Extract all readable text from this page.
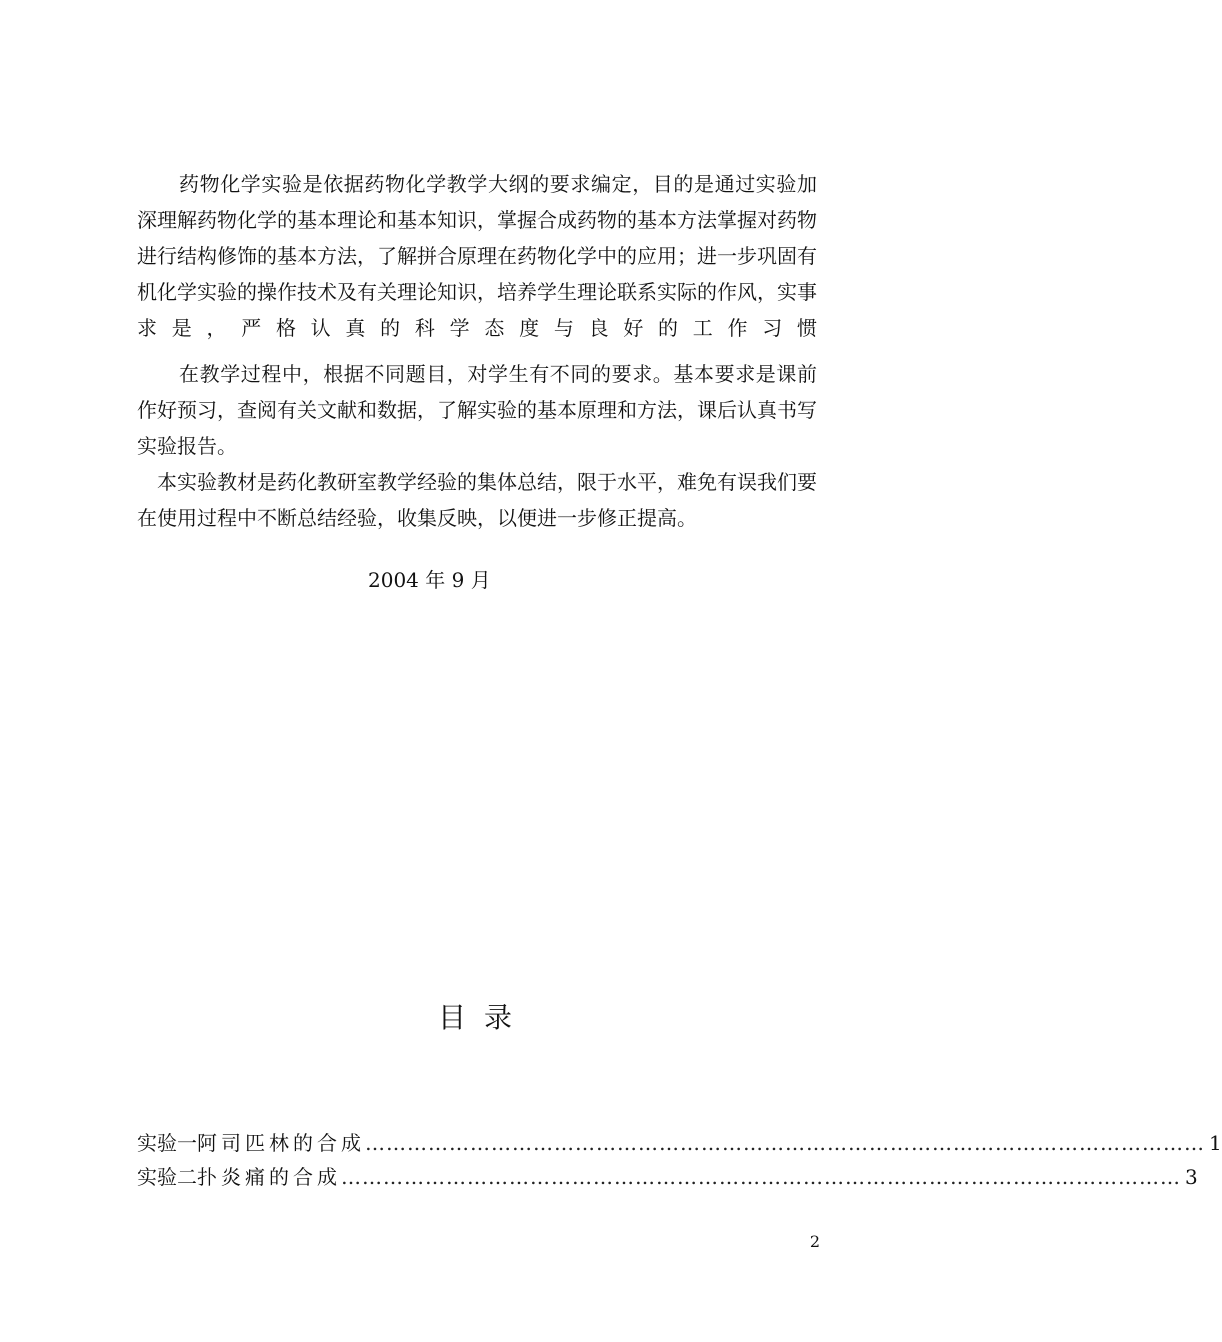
药物化学实验是依据药物化学教学大纲的要求编定，目的是通过实验加深理解药物化学的基本理论和基本知识，掌握合成药物的基本方法掌握对药物进行结构修饰的基本方法，了解拼合原理在药物化学中的应用；进一步巩固有机化学实验的操作技术及有关理论知识，培养学生理论联系实际的作风，实事求是，严格认真的科学态度与良好的工作习惯

在教学过程中，根据不同题目，对学生有不同的要求。基本要求是课前作好预习，查阅有关文献和数据，了解实验的基本原理和方法，课后认真书写实验报告。

本实验教材是药化教研室教学经验的集体总结，限于水平，难免有误我们要在使用过程中不断总结经验，收集反映，以便进一步修正提高。

2004 年 9 月
目录
实验一 阿司匹林的合成 ………………………………………………………………………………………………………… 1
实验二 扑炎痛的合成 ………………………………………………………………………………………………………… 3
2
